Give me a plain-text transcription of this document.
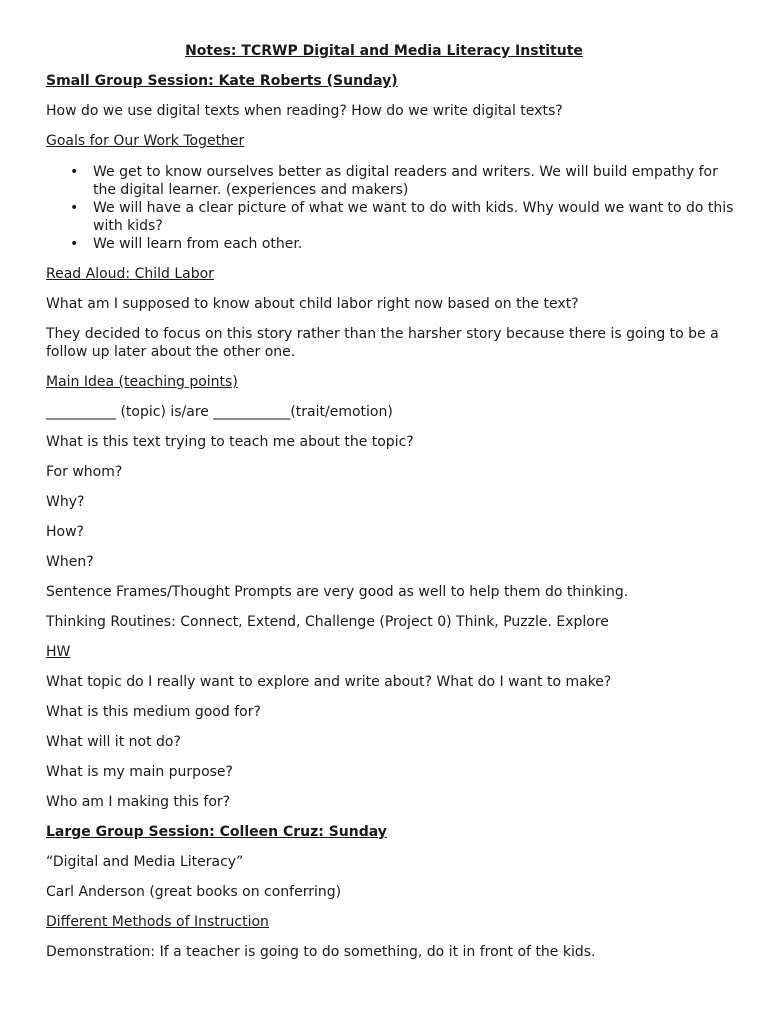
Notes: TCRWP Digital and Media Literacy Institute
Small Group Session: Kate Roberts (Sunday)
How do we use digital texts when reading? How do we write digital texts?
Goals for Our Work Together
• We get to know ourselves better as digital readers and writers. We will build empathy for the digital learner. (experiences and makers)
• We will have a clear picture of what we want to do with kids. Why would we want to do this with kids?
• We will learn from each other.
Read Aloud: Child Labor
What am I supposed to know about child labor right now based on the text?
They decided to focus on this story rather than the harsher story because there is going to be a follow up later about the other one.
Main Idea (teaching points)
__________ (topic) is/are ___________(trait/emotion)
What is this text trying to teach me about the topic?
For whom?
Why?
How?
When?
Sentence Frames/Thought Prompts are very good as well to help them do thinking.
Thinking Routines: Connect, Extend, Challenge (Project 0) Think, Puzzle. Explore
HW
What topic do I really want to explore and write about? What do I want to make?
What is this medium good for?
What will it not do?
What is my main purpose?
Who am I making this for?
Large Group Session: Colleen Cruz: Sunday
“Digital and Media Literacy”
Carl Anderson (great books on conferring)
Different Methods of Instruction
Demonstration: If a teacher is going to do something, do it in front of the kids.
